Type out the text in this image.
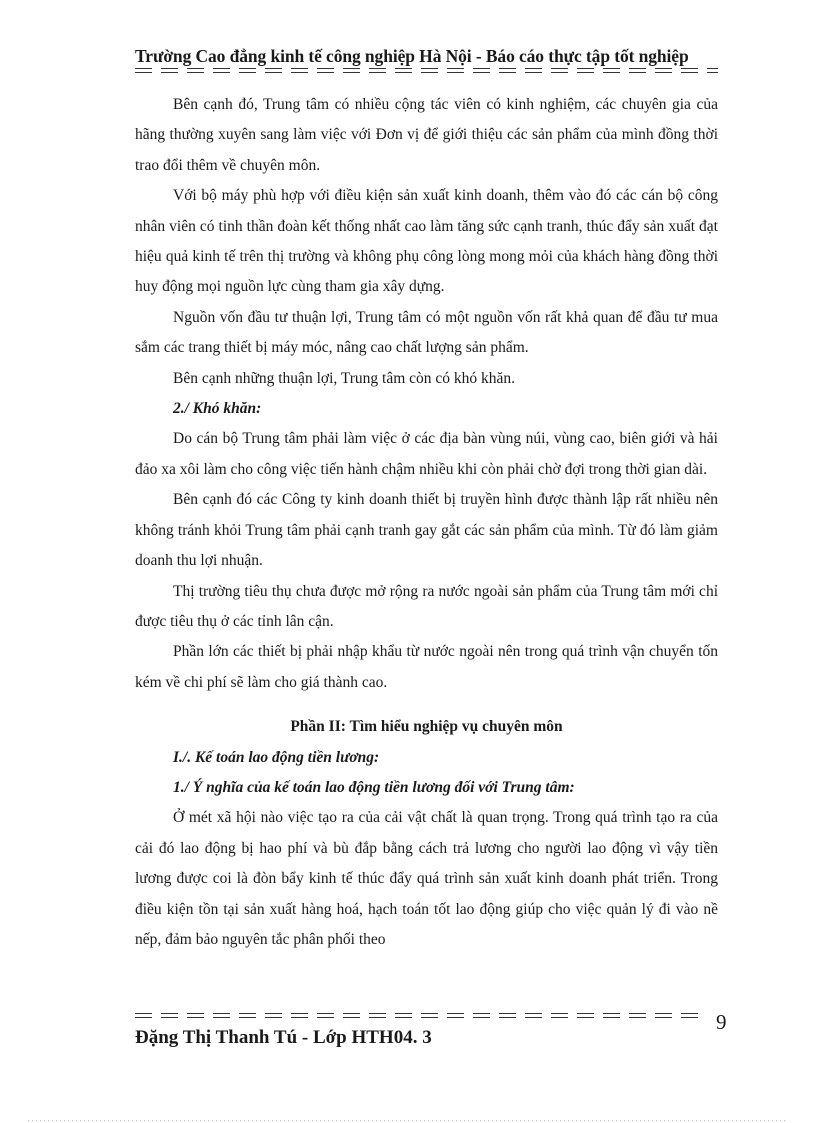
Trường Cao đẳng kinh tế công nghiệp Hà Nội - Báo cáo thực tập tốt nghiệp

Bên cạnh đó, Trung tâm có nhiều cộng tác viên có kinh nghiệm, các chuyên gia của hãng thường xuyên sang làm việc với Đơn vị để giới thiệu các sản phẩm của mình đồng thời trao đổi thêm về chuyên môn.

Với bộ máy phù hợp với điều kiện sản xuất kinh doanh, thêm vào đó các cán bộ công nhân viên có tinh thần đoàn kết thống nhất cao làm tăng sức cạnh tranh, thúc đẩy sản xuất đạt hiệu quả kinh tế trên thị trường và không phụ công lòng mong mỏi của khách hàng đồng thời huy động mọi nguồn lực cùng tham gia xây dựng.

Nguồn vốn đầu tư thuận lợi, Trung tâm có một nguồn vốn rất khả quan để đầu tư mua sắm các trang thiết bị máy móc, nâng cao chất lượng sản phẩm.

Bên cạnh những thuận lợi, Trung tâm còn có khó khăn.

2./ Khó khăn:

Do cán bộ Trung tâm phải làm việc ở các địa bàn vùng núi, vùng cao, biên giới và hải đảo xa xôi làm cho công việc tiến hành chậm nhiều khi còn phải chờ đợi trong thời gian dài.

Bên cạnh đó các Công ty kinh doanh thiết bị truyền hình được thành lập rất nhiều nên không tránh khỏi Trung tâm phải cạnh tranh gay gắt các sản phẩm của mình. Từ đó làm giảm doanh thu lợi nhuận.

Thị trường tiêu thụ chưa được mở rộng ra nước ngoài sản phẩm của Trung tâm mới chỉ được tiêu thụ ở các tỉnh lân cận.

Phần lớn các thiết bị phải nhập khẩu từ nước ngoài nên trong quá trình vận chuyển tốn kém về chi phí sẽ làm cho giá thành cao.

Phần II: Tìm hiểu nghiệp vụ chuyên môn

I./. Kế toán lao động tiền lương:

1./ Ý nghĩa của kế toán lao động tiền lương đối với Trung tâm:

Ở mét xã hội nào việc tạo ra của cải vật chất là quan trọng. Trong quá trình tạo ra của cải đó lao động bị hao phí và bù đắp bằng cách trả lương cho người lao động vì vậy tiền lương được coi là đòn bẩy kinh tế thúc đẩy quá trình sản xuất kinh doanh phát triển. Trong điều kiện tồn tại sản xuất hàng hoá, hạch toán tốt lao động giúp cho việc quản lý đi vào nề nếp, đảm bảo nguyên tắc phân phối theo

9
Đặng Thị Thanh Tú - Lớp HTH04. 3
